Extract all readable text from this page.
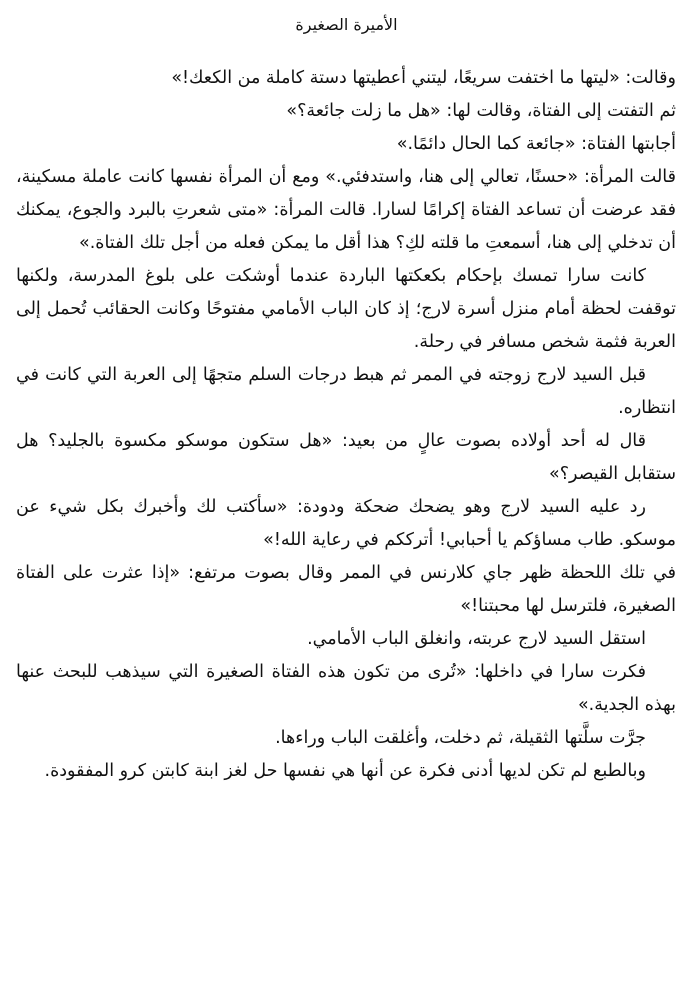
الأميرة الصغيرة

وقالت: «ليتها ما اختفت سريعًا، ليتني أعطيتها دستة كاملة من الكعك!»

ثم التفتت إلى الفتاة، وقالت لها: «هل ما زلت جائعة؟»

أجابتها الفتاة: «جائعة كما الحال دائمًا.»

قالت المرأة: «حسنًا، تعالي إلى هنا، واستدفئي.» ومع أن المرأة نفسها كانت عاملة مسكينة، فقد عرضت أن تساعد الفتاة إكرامًا لسارا. قالت المرأة: «متى شعرتِ بالبرد والجوع، يمكنك أن تدخلي إلى هنا، أسمعتِ ما قلته لكِ؟ هذا أقل ما يمكن فعله من أجل تلك الفتاة.»

كانت سارا تمسك بإحكام بكعكتها الباردة عندما أوشكت على بلوغ المدرسة، ولكنها توقفت لحظة أمام منزل أسرة لارج؛ إذ كان الباب الأمامي مفتوحًا وكانت الحقائب تُحمل إلى العربة فثمة شخص مسافر في رحلة.

قبل السيد لارج زوجته في الممر ثم هبط درجات السلم متجهًا إلى العربة التي كانت في انتظاره.

قال له أحد أولاده بصوت عالٍ من بعيد: «هل ستكون موسكو مكسوة بالجليد؟ هل ستقابل القيصر؟»

رد عليه السيد لارج وهو يضحك ضحكة ودودة: «سأكتب لك وأخبرك بكل شيء عن موسكو. طاب مساؤكم يا أحبابي! أترككم في رعاية الله!»

في تلك اللحظة ظهر جاي كلارنس في الممر وقال بصوت مرتفع: «إذا عثرت على الفتاة الصغيرة، فلترسل لها محبتنا!»

استقل السيد لارج عربته، وانغلق الباب الأمامي.

فكرت سارا في داخلها: «تُرى من تكون هذه الفتاة الصغيرة التي سيذهب للبحث عنها بهذه الجدية.»

جرَّت سلَّتها الثقيلة، ثم دخلت، وأغلقت الباب وراءها.

وبالطبع لم تكن لديها أدنى فكرة عن أنها هي نفسها حل لغز ابنة كابتن كرو المفقودة.
